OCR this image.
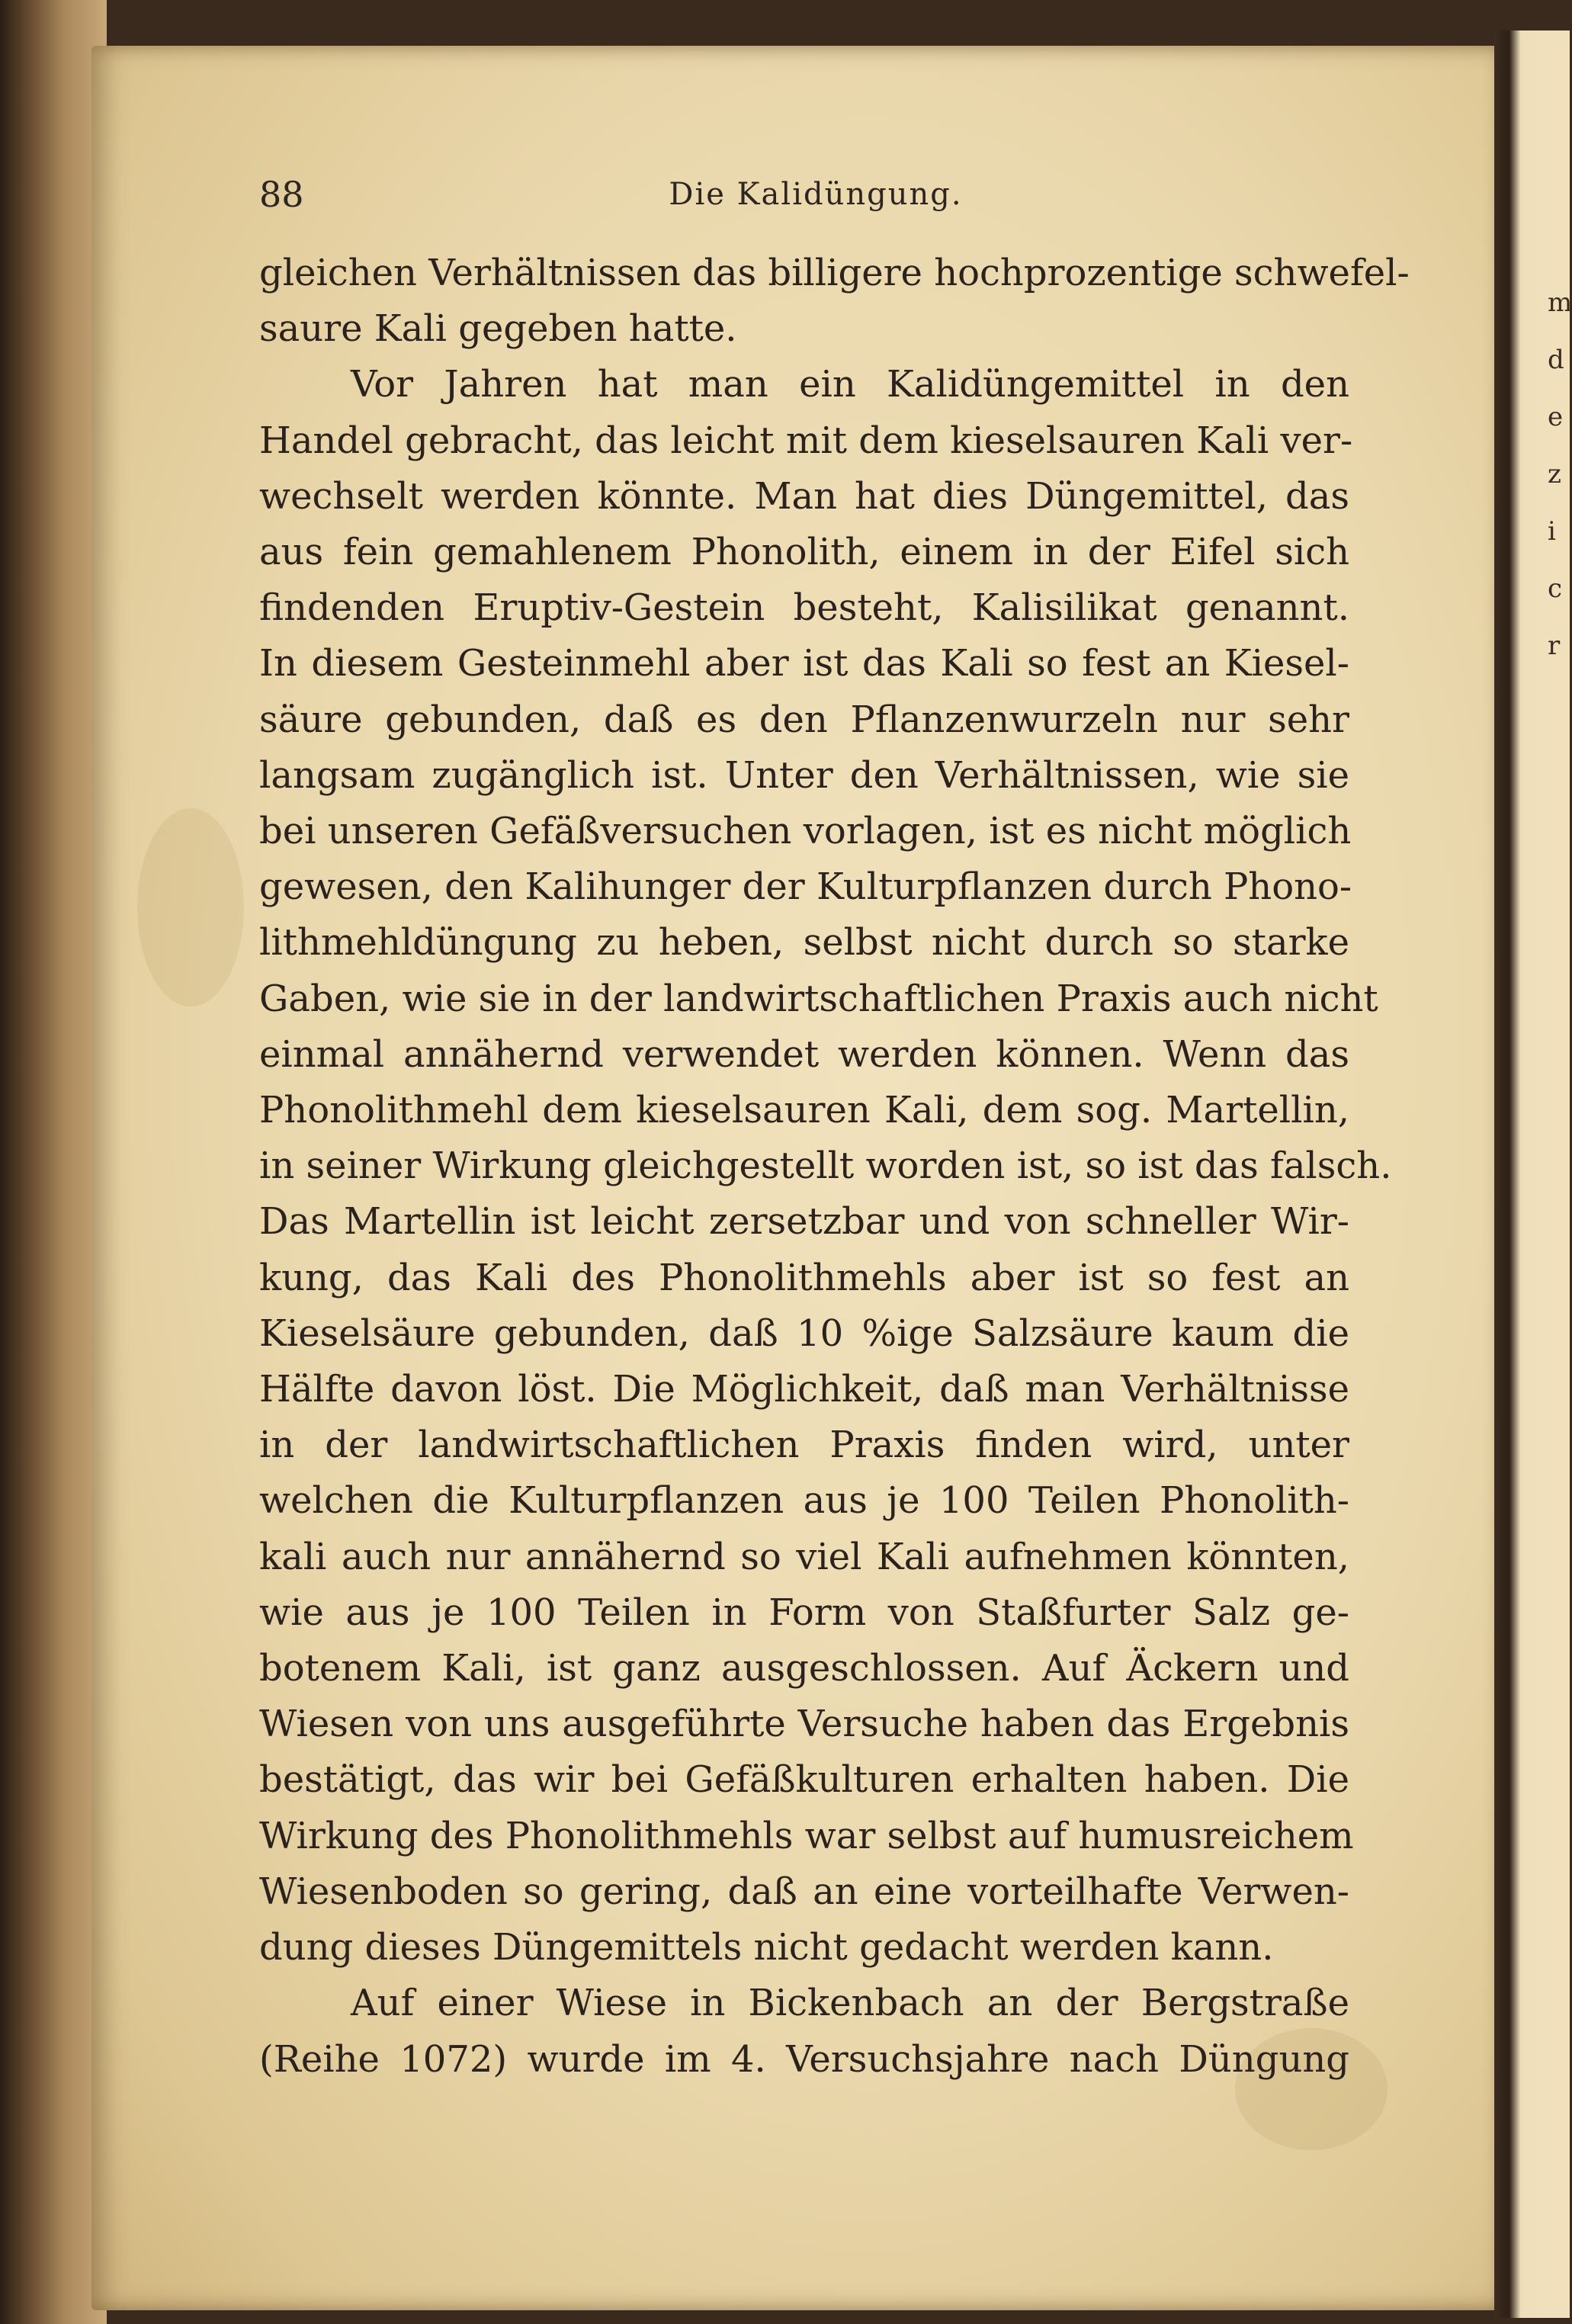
m
d
e
z
i
c
r
88	Die Kalidüngung.
gleichen Verhältnissen das billigere hochprozentige schwefel-
saure Kali gegeben hatte.
Vor Jahren hat man ein Kalidüngemittel in den
Handel gebracht, das leicht mit dem kieselsauren Kali ver-
wechselt werden könnte. Man hat dies Düngemittel, das
aus fein gemahlenem Phonolith, einem in der Eifel sich
findenden Eruptiv-Gestein besteht, Kalisilikat genannt.
In diesem Gesteinmehl aber ist das Kali so fest an Kiesel-
säure gebunden, daß es den Pflanzenwurzeln nur sehr
langsam zugänglich ist. Unter den Verhältnissen, wie sie
bei unseren Gefäßversuchen vorlagen, ist es nicht möglich
gewesen, den Kalihunger der Kulturpflanzen durch Phono-
lithmehldüngung zu heben, selbst nicht durch so starke
Gaben, wie sie in der landwirtschaftlichen Praxis auch nicht
einmal annähernd verwendet werden können. Wenn das
Phonolithmehl dem kieselsauren Kali, dem sog. Martellin,
in seiner Wirkung gleichgestellt worden ist, so ist das falsch.
Das Martellin ist leicht zersetzbar und von schneller Wir-
kung, das Kali des Phonolithmehls aber ist so fest an
Kieselsäure gebunden, daß 10 %ige Salzsäure kaum die
Hälfte davon löst. Die Möglichkeit, daß man Verhältnisse
in der landwirtschaftlichen Praxis finden wird, unter
welchen die Kulturpflanzen aus je 100 Teilen Phonolith-
kali auch nur annähernd so viel Kali aufnehmen könnten,
wie aus je 100 Teilen in Form von Staßfurter Salz ge-
botenem Kali, ist ganz ausgeschlossen. Auf Äckern und
Wiesen von uns ausgeführte Versuche haben das Ergebnis
bestätigt, das wir bei Gefäßkulturen erhalten haben. Die
Wirkung des Phonolithmehls war selbst auf humusreichem
Wiesenboden so gering, daß an eine vorteilhafte Verwen-
dung dieses Düngemittels nicht gedacht werden kann.
Auf einer Wiese in Bickenbach an der Bergstraße
(Reihe 1072) wurde im 4. Versuchsjahre nach Düngung
